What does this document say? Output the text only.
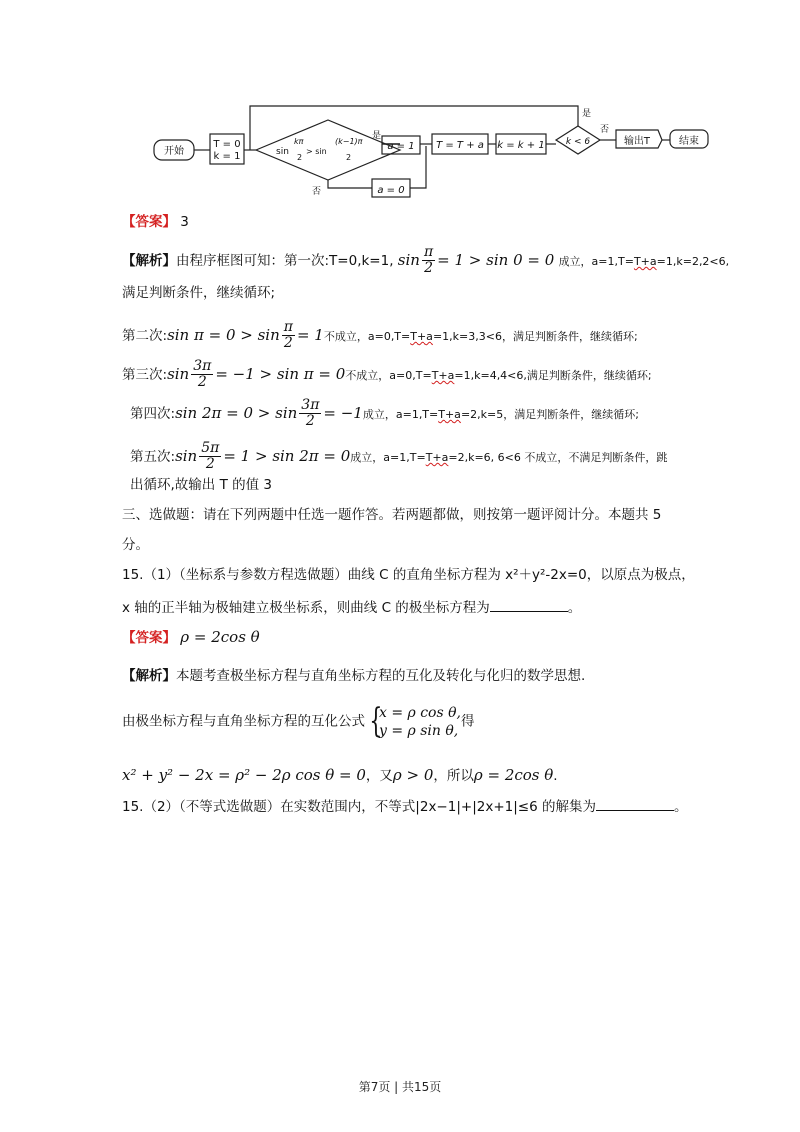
开始
T = 0
k = 1	sin
kπ
2
> sin
(k−1)π
2
是
否
a = 1
a = 0
T = T + a k = k + 1 k < 6
是
否
输出T	结束
【答案】 3
【解析】由程序框图可知：第一次:T=0,k=1, $\sin \frac{\pi}{2} = 1 > \sin 0 = 0$ 成立，a=1,T=T+a=1,k=2,2<6,
满足判断条件，继续循环;
第二次:sin $\pi = 0 > \sin \frac{\pi}{2} = 1$不成立，a=0,T=T+a=1,k=3,3<6，满足判断条件，继续循环;
第三次:sin $\frac{3\pi}{2} = -1 > \sin \pi = 0$不成立，a=0,T=T+a=1,k=4,4<6,满足判断条件，继续循环;
第四次:sin $2\pi = 0 > \sin \frac{3\pi}{2} = -1$成立，a=1,T=T+a=2,k=5，满足判断条件，继续循环;
第五次:sin $\frac{5\pi}{2} = 1 > \sin 2\pi = 0$成立，a=1,T=T+a=2,k=6, 6<6 不成立，不满足判断条件，跳
出循环,故输出 T 的值 3
三、选做题：请在下列两题中任选一题作答。若两题都做，则按第一题评阅计分。本题共 5
分。
15.（1）（坐标系与参数方程选做题）曲线 C 的直角坐标方程为 x²＋y²-2x=0，以原点为极点，
x 轴的正半轴为极轴建立极坐标系，则曲线 C 的极坐标方程为	。
【答案】 ρ = 2cos θ
【解析】本题考查极坐标方程与直角坐标方程的互化及转化与化归的数学思想.
由极坐标方程与直角坐标方程的互化公式 {
x = ρ cos θ,
y = ρ sin θ,
得
x² + y² − 2x = ρ² − 2ρ cos θ = 0，又ρ > 0，所以ρ = 2cos θ.
15.（2）（不等式选做题）在实数范围内，不等式|2x−1|+|2x+1|≤6 的解集为	。
第7页 | 共15页
